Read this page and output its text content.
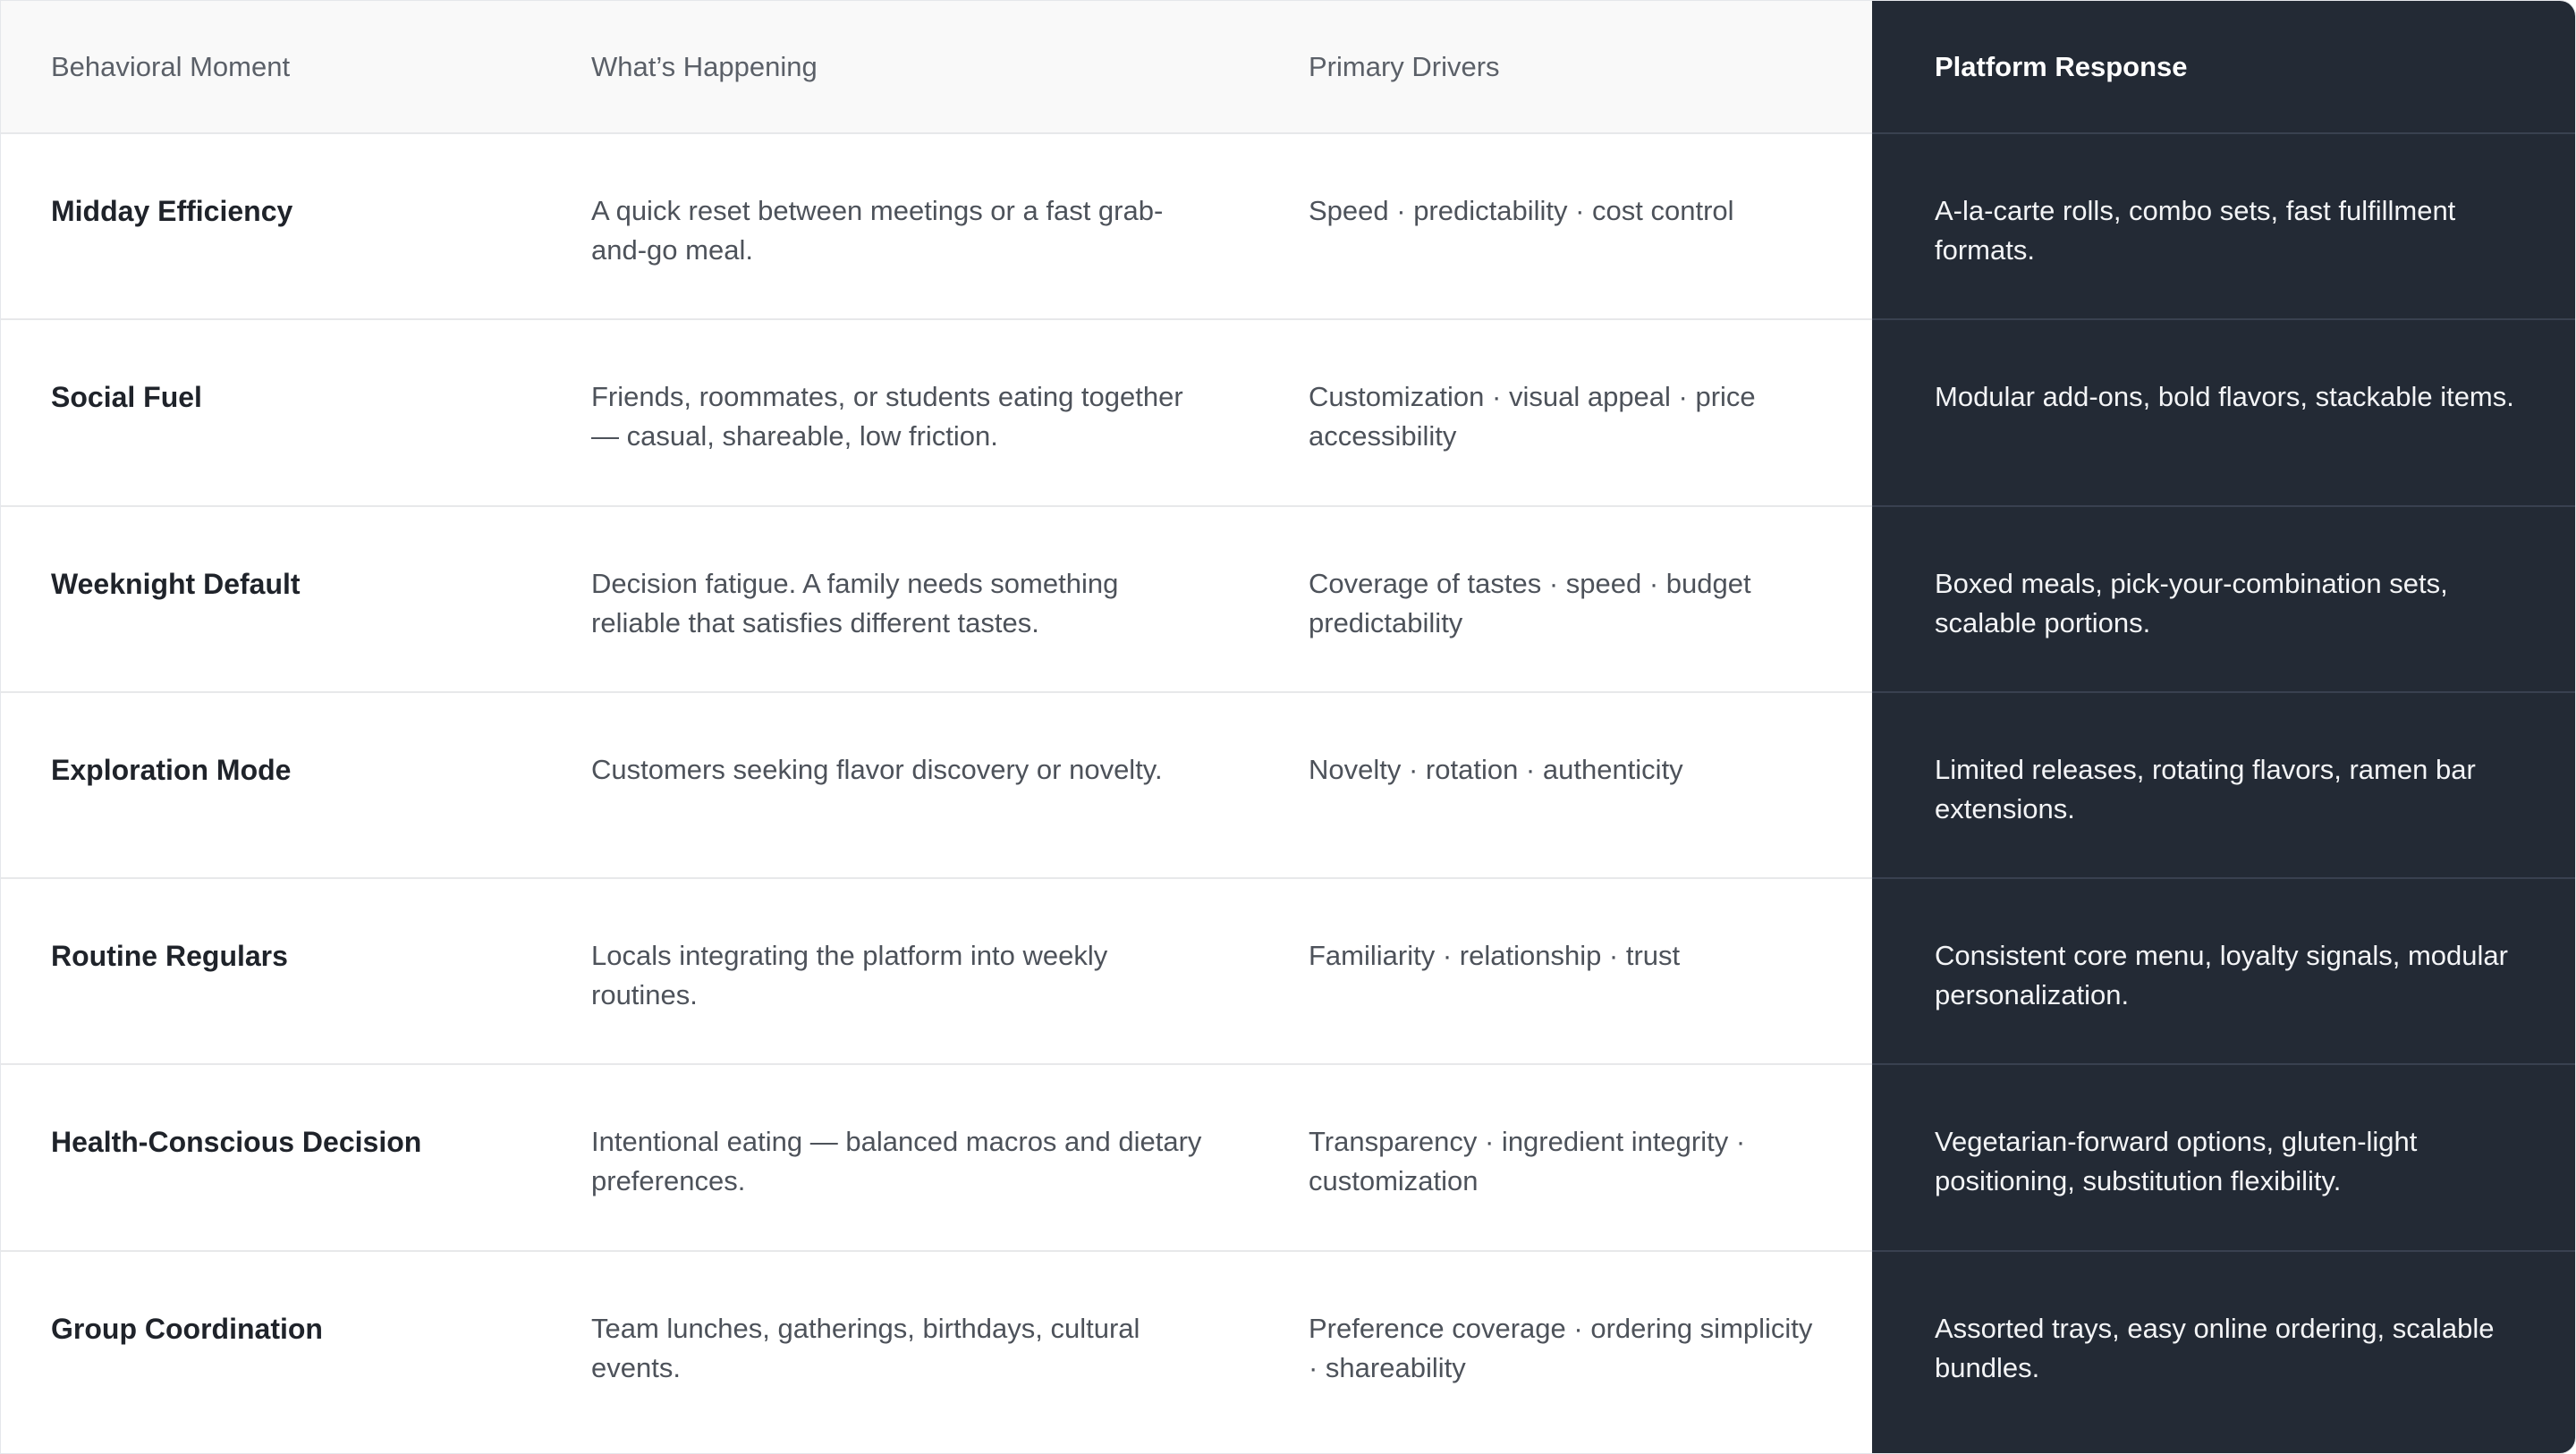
Behavioral Moment	What’s Happening	Primary Drivers	Platform Response
Midday Efficiency	A quick reset between meetings or a fast grab-and-go meal.	Speed · predictability · cost control	A-la-carte rolls, combo sets, fast fulfillment formats.
Social Fuel	Friends, roommates, or students eating together — casual, shareable, low friction.	Customization · visual appeal · price accessibility	Modular add-ons, bold flavors, stackable items.
Weeknight Default	Decision fatigue. A family needs something reliable that satisfies different tastes.	Coverage of tastes · speed · budget predictability	Boxed meals, pick-your-combination sets, scalable portions.
Exploration Mode	Customers seeking flavor discovery or novelty.	Novelty · rotation · authenticity	Limited releases, rotating flavors, ramen bar extensions.
Routine Regulars	Locals integrating the platform into weekly routines.	Familiarity · relationship · trust	Consistent core menu, loyalty signals, modular personalization.
Health-Conscious Decision	Intentional eating — balanced macros and dietary preferences.	Transparency · ingredient integrity · customization	Vegetarian-forward options, gluten-light positioning, substitution flexibility.
Group Coordination	Team lunches, gatherings, birthdays, cultural events.	Preference coverage · ordering simplicity · shareability	Assorted trays, easy online ordering, scalable bundles.
